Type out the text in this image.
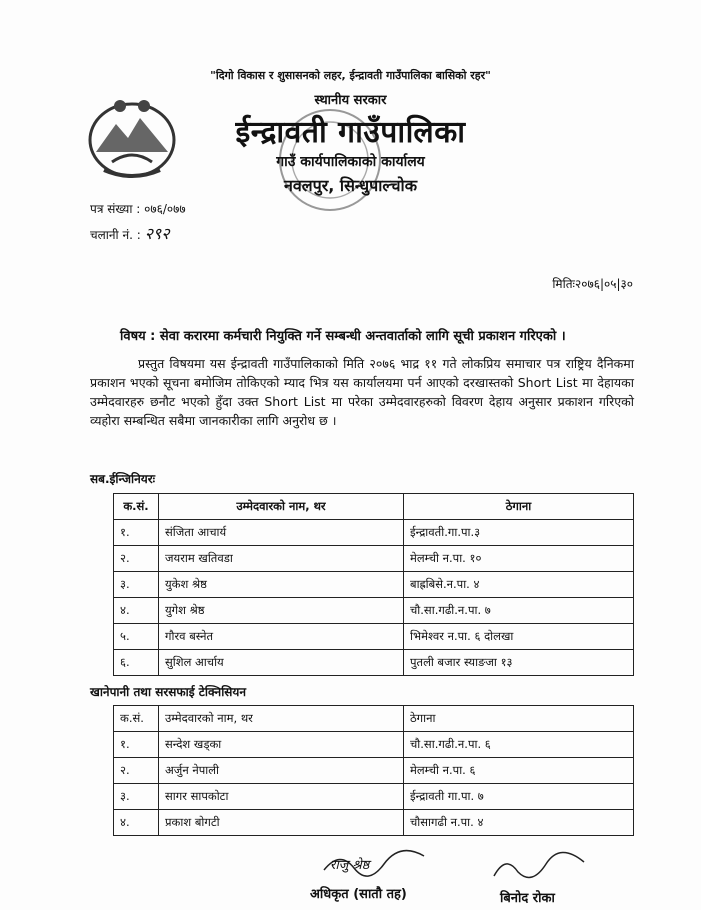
"दिगो विकास र शुसासनको लहर, ईन्द्रावती गाउँपालिका बासिको रहर"
स्थानीय सरकार
ईन्द्रावती गाउँपालिका
गाउँ कार्यपालिकाको कार्यालय
नवलपुर, सिन्धुपाल्चोक
पत्र संख्या : ०७६/०७७
चलानी नं. : २९२
मितिः२०७६|०५|३०
विषय : सेवा करारमा कर्मचारी नियुक्ति गर्ने सम्बन्धी अन्तवार्ताको लागि सूची प्रकाशन गरिएको ।
प्रस्तुत विषयमा यस ईन्द्रावती गाउँपालिकाको मिति २०७६ भाद्र ११ गते लोकप्रिय समाचार पत्र राष्ट्रिय दैनिकमा प्रकाशन भएको सूचना बमोजिम तोकिएको म्याद भित्र यस कार्यालयमा पर्न आएको दरखास्तको Short List मा देहायका उम्मेदवारहरु छनौट भएको हुँदा उक्त Short List मा परेका उम्मेदवारहरुको विवरण देहाय अनुसार प्रकाशन गरिएको व्यहोरा सम्बन्धित सबैमा जानकारीका लागि अनुरोध छ ।
सब.ईन्जिनियरः
क.सं.	उम्मेदवारको नाम, थर	ठेगाना
१.	संजिता आचार्य	ईन्द्रावती.गा.पा.३
२.	जयराम खतिवडा	मेलम्ची न.पा. १०
३.	युकेश श्रेष्ठ	बाह्रबिसे.न.पा. ४
४.	युगेश श्रेष्ठ	चौ.सा.गढी.न.पा. ७
५.	गौरव बस्नेत	भिमेश्वर न.पा. ६ दोलखा
६.	सुशिल आर्चाय	पुतली बजार स्याङजा १३
खानेपानी तथा सरसफाई टेक्निसियन
क.सं.	उम्मेदवारको नाम, थर	ठेगाना
१.	सन्देश खड्का	चौ.सा.गढी.न.पा. ६
२.	अर्जुन नेपाली	मेलम्ची न.पा. ६
३.	सागर सापकोटा	ईन्द्रावती गा.पा. ७
४.	प्रकाश बोगटी	चौसागढी न.पा. ४
राजु श्रेष्ठ
अधिकृत (सातौ तह)	बिनोद रोका
